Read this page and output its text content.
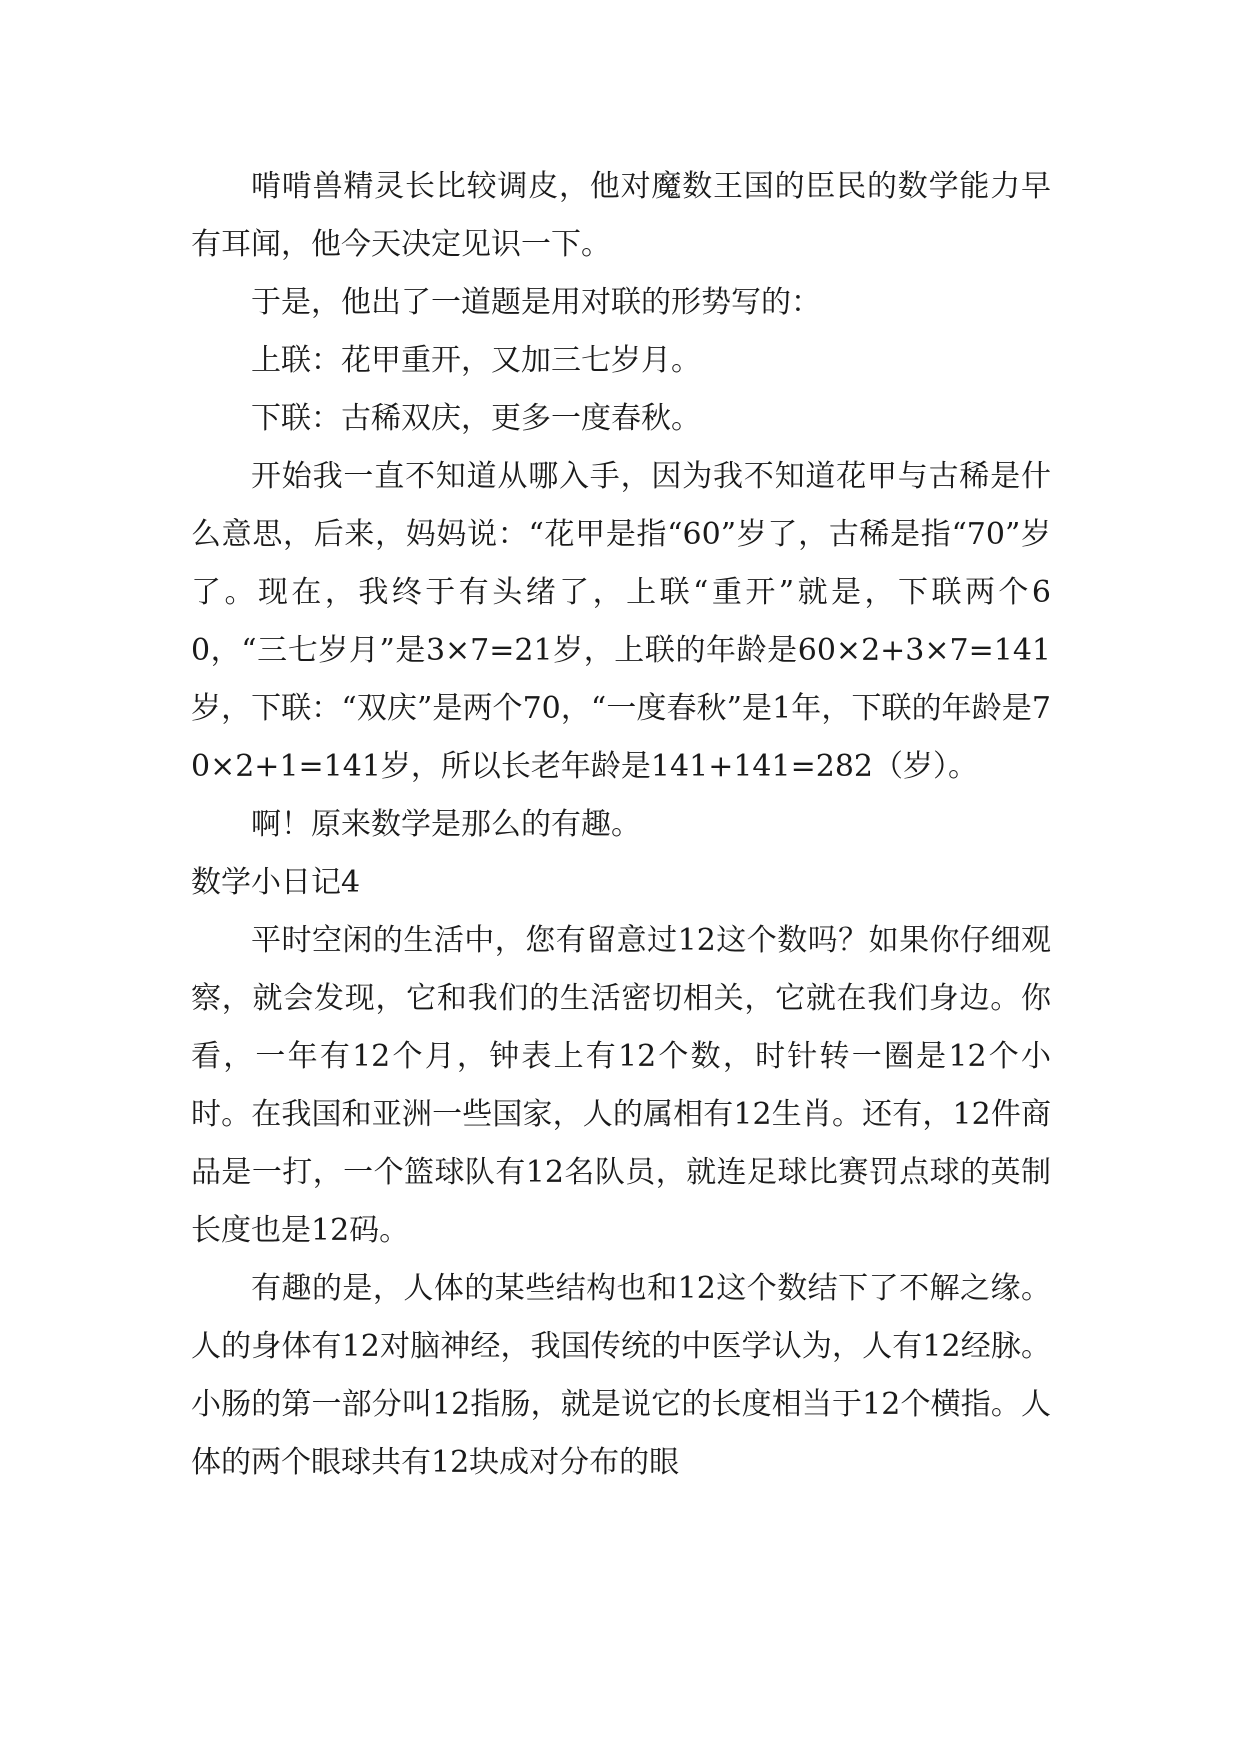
啃啃兽精灵长比较调皮，他对魔数王国的臣民的数学能力早有耳闻，他今天决定见识一下。

于是，他出了一道题是用对联的形势写的：

上联：花甲重开，又加三七岁月。

下联：古稀双庆，更多一度春秋。

开始我一直不知道从哪入手，因为我不知道花甲与古稀是什么意思，后来，妈妈说：“花甲是指“60”岁了，古稀是指“70”岁了。现在，我终于有头绪了，上联“重开”就是，下联两个60，“三七岁月”是3×7=21岁，上联的年龄是60×2+3×7=141岁，下联：“双庆”是两个70，“一度春秋”是1年，下联的年龄是70×2+1=141岁，所以长老年龄是141+141=282（岁）。

啊！原来数学是那么的有趣。

数学小日记4

平时空闲的生活中，您有留意过12这个数吗？如果你仔细观察，就会发现，它和我们的生活密切相关，它就在我们身边。你看，一年有12个月，钟表上有12个数，时针转一圈是12个小时。在我国和亚洲一些国家，人的属相有12生肖。还有，12件商品是一打，一个篮球队有12名队员，就连足球比赛罚点球的英制长度也是12码。

有趣的是，人体的某些结构也和12这个数结下了不解之缘。人的身体有12对脑神经，我国传统的中医学认为，人有12经脉。小肠的第一部分叫12指肠，就是说它的长度相当于12个横指。人体的两个眼球共有12块成对分布的眼
